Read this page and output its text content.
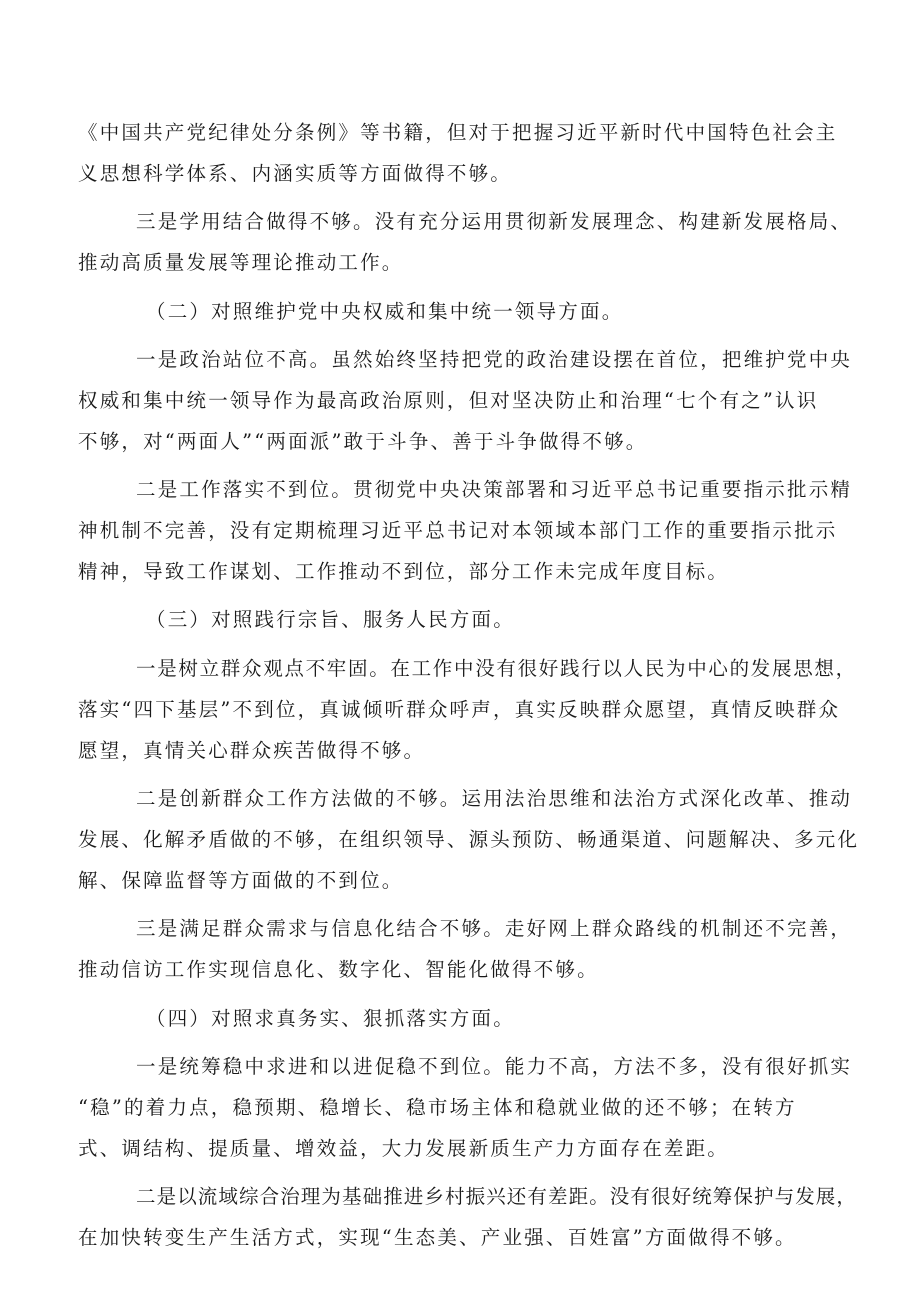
《中国共产党纪律处分条例》等书籍，但对于把握习近平新时代中国特色社会主
义思想科学体系、内涵实质等方面做得不够。
三是学用结合做得不够。没有充分运用贯彻新发展理念、构建新发展格局、
推动高质量发展等理论推动工作。
（二）对照维护党中央权威和集中统一领导方面。
一是政治站位不高。虽然始终坚持把党的政治建设摆在首位，把维护党中央
权威和集中统一领导作为最高政治原则，但对坚决防止和治理“七个有之”认识
不够，对“两面人”“两面派”敢于斗争、善于斗争做得不够。
二是工作落实不到位。贯彻党中央决策部署和习近平总书记重要指示批示精
神机制不完善，没有定期梳理习近平总书记对本领域本部门工作的重要指示批示
精神，导致工作谋划、工作推动不到位，部分工作未完成年度目标。
（三）对照践行宗旨、服务人民方面。
一是树立群众观点不牢固。在工作中没有很好践行以人民为中心的发展思想，
落实“四下基层”不到位，真诚倾听群众呼声，真实反映群众愿望，真情反映群众
愿望，真情关心群众疾苦做得不够。
二是创新群众工作方法做的不够。运用法治思维和法治方式深化改革、推动
发展、化解矛盾做的不够，在组织领导、源头预防、畅通渠道、问题解决、多元化
解、保障监督等方面做的不到位。
三是满足群众需求与信息化结合不够。走好网上群众路线的机制还不完善，
推动信访工作实现信息化、数字化、智能化做得不够。
（四）对照求真务实、狠抓落实方面。
一是统筹稳中求进和以进促稳不到位。能力不高，方法不多，没有很好抓实
“稳”的着力点，稳预期、稳增长、稳市场主体和稳就业做的还不够；在转方
式、调结构、提质量、增效益，大力发展新质生产力方面存在差距。
二是以流域综合治理为基础推进乡村振兴还有差距。没有很好统筹保护与发展，
在加快转变生产生活方式，实现“生态美、产业强、百姓富”方面做得不够。
